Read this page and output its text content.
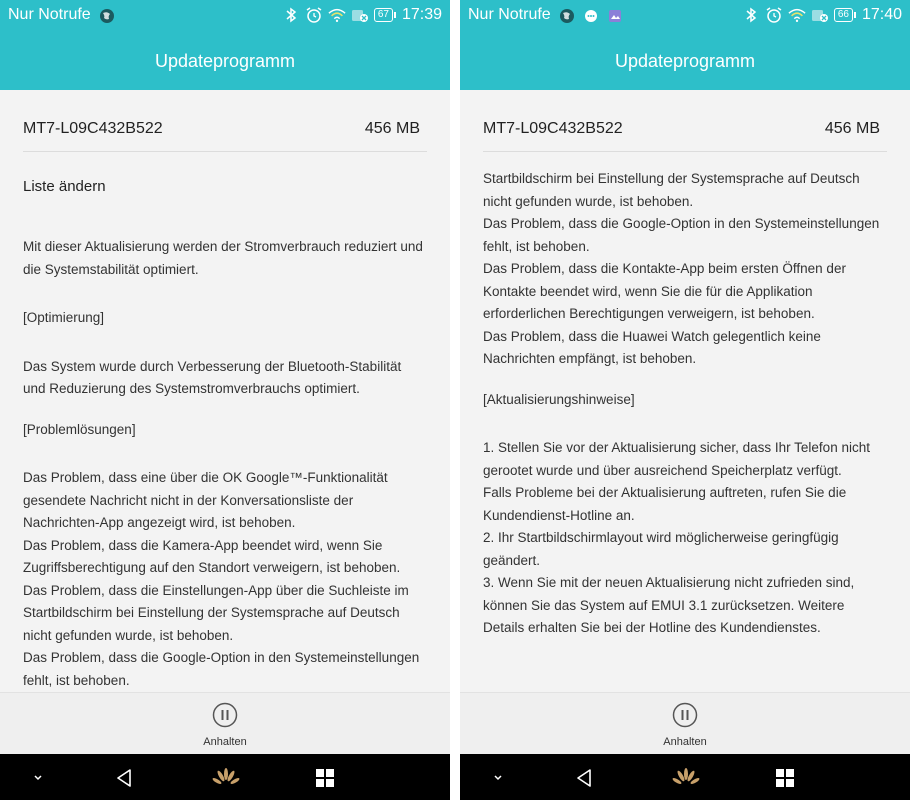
Nur Notrufe	67 17:39
Updateprogramm
MT7-L09C432B522	456 MB
Liste ändern
Mit dieser Aktualisierung werden der Stromverbrauch reduziert und die Systemstabilität optimiert.
[Optimierung]
Das System wurde durch Verbesserung der Bluetooth-Stabilität und Reduzierung des Systemstromverbrauchs optimiert.
[Problemlösungen]
Das Problem, dass eine über die OK Google™-Funktionalität gesendete Nachricht nicht in der Konversationsliste der Nachrichten-App angezeigt wird, ist behoben.
Das Problem, dass die Kamera-App beendet wird, wenn Sie Zugriffsberechtigung auf den Standort verweigern, ist behoben.
Das Problem, dass die Einstellungen-App über die Suchleiste im Startbildschirm bei Einstellung der Systemsprache auf Deutsch nicht gefunden wurde, ist behoben.
Das Problem, dass die Google-Option in den Systemeinstellungen fehlt, ist behoben.
Anhalten
Nur Notrufe	66 17:40
Updateprogramm
MT7-L09C432B522	456 MB
Startbildschirm bei Einstellung der Systemsprache auf Deutsch nicht gefunden wurde, ist behoben.
Das Problem, dass die Google-Option in den Systemeinstellungen fehlt, ist behoben.
Das Problem, dass die Kontakte-App beim ersten Öffnen der Kontakte beendet wird, wenn Sie die für die Applikation erforderlichen Berechtigungen verweigern, ist behoben.
Das Problem, dass die Huawei Watch gelegentlich keine Nachrichten empfängt, ist behoben.
[Aktualisierungshinweise]
1. Stellen Sie vor der Aktualisierung sicher, dass Ihr Telefon nicht gerootet wurde und über ausreichend Speicherplatz verfügt.
Falls Probleme bei der Aktualisierung auftreten, rufen Sie die Kundendienst-Hotline an.
2. Ihr Startbildschirmlayout wird möglicherweise geringfügig geändert.
3. Wenn Sie mit der neuen Aktualisierung nicht zufrieden sind, können Sie das System auf EMUI 3.1 zurücksetzen. Weitere Details erhalten Sie bei der Hotline des Kundendienstes.
Anhalten
